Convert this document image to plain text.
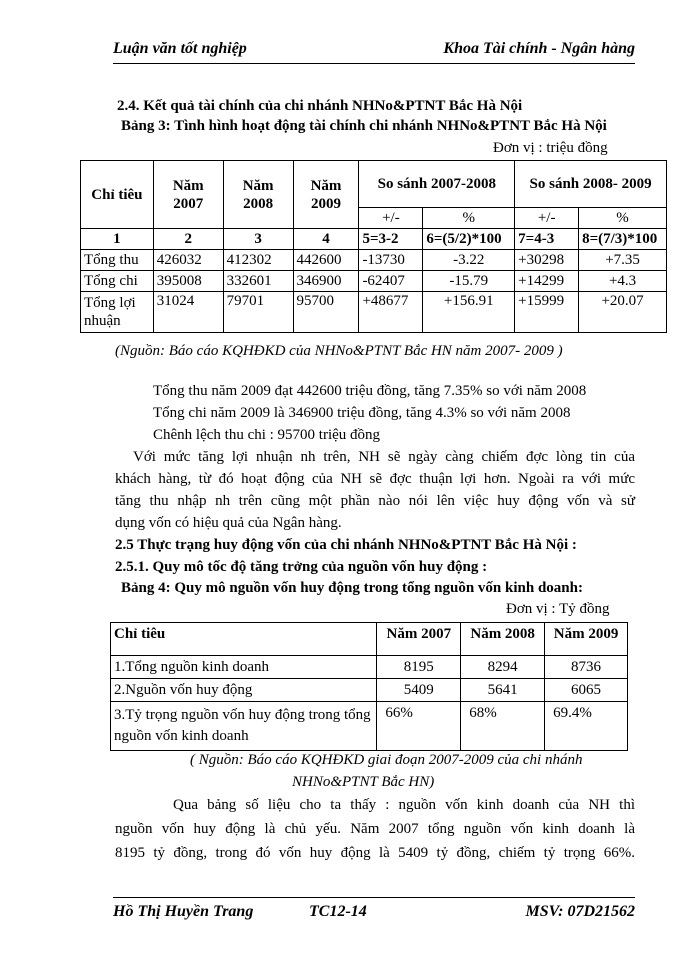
Luận văn tốt nghiệp	Khoa Tài chính - Ngân hàng
2.4. Kết quả tài chính của chi nhánh NHNo&PTNT Bắc Hà Nội
Bảng 3: Tình hình hoạt động tài chính chi nhánh NHNo&PTNT Bắc Hà Nội
Đơn vị : triệu đồng
Chỉ tiêu	Năm 2007	Năm 2008	Năm 2009	So sánh 2007-2008		So sánh 2008- 2009	
				+/-	%	+/-	%
1	2	3	4	5=3-2	6=(5/2)*100	7=4-3	8=(7/3)*100
Tổng thu	426032	412302	442600	-13730	-3.22	+30298	+7.35
Tổng chi	395008	332601	346900	-62407	-15.79	+14299	+4.3
Tổng lợi nhuận	31024	79701	95700	+48677	+156.91	+15999	+20.07
(Nguồn: Báo cáo KQHĐKD của NHNo&PTNT Bắc HN năm 2007- 2009 )
Tổng thu năm 2009 đạt 442600 triệu đồng, tăng 7.35% so với năm 2008
Tổng chi năm 2009 là 346900 triệu đồng, tăng 4.3% so với năm 2008
Chênh lệch thu chi : 95700 triệu đồng
Với mức tăng lợi nhuận nh trên, NH sẽ ngày càng chiếm đợc lòng tin của
khách hàng, từ đó hoạt động của NH sẽ đợc thuận lợi hơn. Ngoài ra với mức
tăng thu nhập nh trên cũng một phần nào nói lên việc huy động vốn và sử
dụng vốn có hiệu quả của Ngân hàng.
2.5 Thực trạng huy động vốn của chi nhánh NHNo&PTNT Bắc Hà Nội :
2.5.1. Quy mô tốc độ tăng trởng của nguồn vốn huy động :
Bảng 4: Quy mô nguồn vốn huy động trong tổng nguồn vốn kinh doanh:
Đơn vị : Tỷ đồng
Chỉ tiêu	Năm 2007	Năm 2008	Năm 2009
1.Tổng nguồn kinh doanh	8195	8294	8736
2.Nguồn vốn huy động	5409	5641	6065
3.Tỷ trọng nguồn vốn huy động trong tổng nguồn vốn kinh doanh	66%	68%	69.4%
( Nguồn: Báo cáo KQHĐKD giai đoạn 2007-2009 của chi nhánh
NHNo&PTNT Bắc HN)
Qua bảng số liệu cho ta thấy : nguồn vốn kinh doanh của NH thì
nguồn vốn huy động là chủ yếu. Năm 2007 tổng nguồn vốn kinh doanh là
8195 tỷ đồng, trong đó vốn huy động là 5409 tỷ đồng, chiếm tỷ trọng 66%.
Hồ Thị Huyền Trang	TC12-14	MSV: 07D21562
